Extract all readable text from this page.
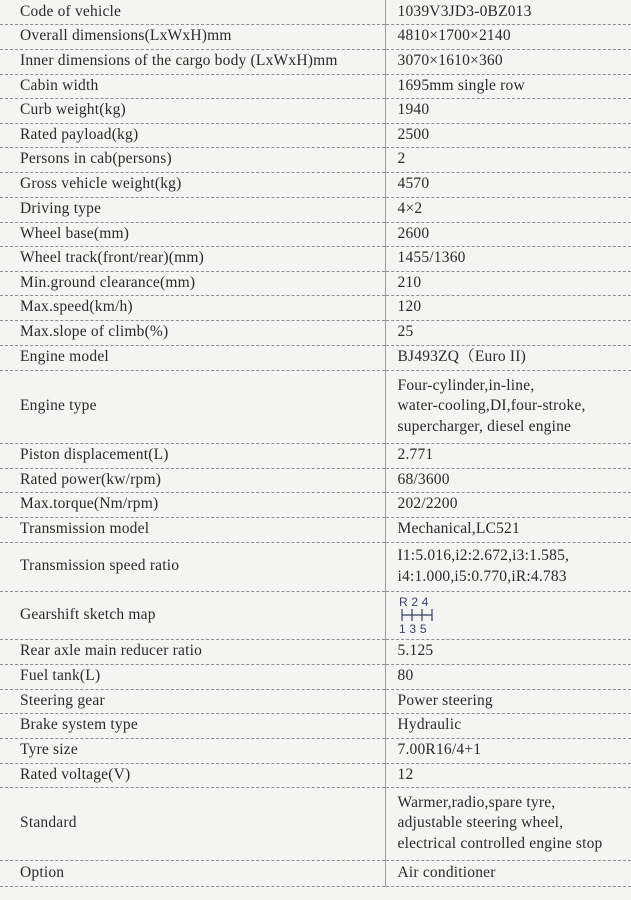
Code of vehicle	1039V3JD3-0BZ013

Overall dimensions(LxWxH)mm	4810×1700×2140

Inner dimensions of the cargo body (LxWxH)mm	3070×1610×360

Cabin width	1695mm single row

Curb weight(kg)	1940

Rated payload(kg)	2500

Persons in cab(persons)	2

Gross vehicle weight(kg)	4570

Driving type	4×2

Wheel base(mm)	2600

Wheel track(front/rear)(mm)	1455/1360

Min.ground clearance(mm)	210

Max.speed(km/h)	120

Max.slope of climb(%)	25

Engine model	BJ493ZQ（Euro II)

Engine type	Four-cylinder,in-line,
water-cooling,DI,four-stroke,
supercharger, diesel engine

Piston displacement(L)	2.771

Rated power(kw/rpm)	68/3600

Max.torque(Nm/rpm)	202/2200

Transmission model	Mechanical,LC521

Transmission speed ratio	I1:5.016,i2:2.672,i3:1.585,
i4:1.000,i5:0.770,iR:4.783

Gearshift sketch map	R 2 4
1 3 5

Rear axle main reducer ratio	5.125

Fuel tank(L)	80

Steering gear	Power steering

Brake system type	Hydraulic

Tyre size	7.00R16/4+1

Rated voltage(V)	12

Standard	Warmer,radio,spare tyre,
adjustable steering wheel,
electrical controlled engine stop

Option	Air conditioner
